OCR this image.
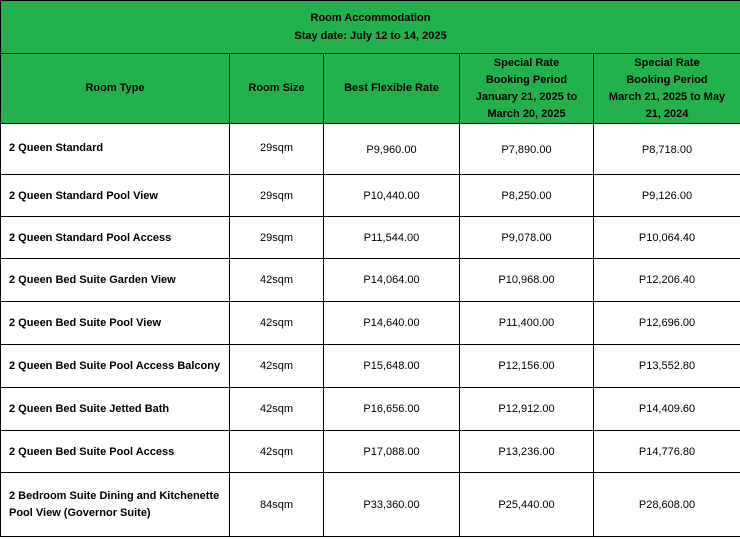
Room Accommodation
Stay date: July 12 to 14, 2025				

Room Type	Room Size	Best Flexible Rate	Special Rate
Booking Period
January 21, 2025 to
March 20, 2025	Special Rate
Booking Period
March 21, 2025 to May
21, 2024

2 Queen Standard	29sqm	P9,960.00	P7,890.00	P8,718.00
2 Queen Standard Pool View	29sqm	P10,440.00	P8,250.00	P9,126.00
2 Queen Standard Pool Access	29sqm	P11,544.00	P9,078.00	P10,064.40
2 Queen Bed Suite Garden View	42sqm	P14,064.00	P10,968.00	P12,206.40
2 Queen Bed Suite Pool View	42sqm	P14,640.00	P11,400.00	P12,696.00
2 Queen Bed Suite Pool Access Balcony	42sqm	P15,648.00	P12,156.00	P13,552.80
2 Queen Bed Suite Jetted Bath	42sqm	P16,656.00	P12,912.00	P14,409.60
2 Queen Bed Suite Pool Access	42sqm	P17,088.00	P13,236.00	P14,776.80
2 Bedroom Suite Dining and Kitchenette Pool View (Governor Suite)	84sqm	P33,360.00	P25,440.00	P28,608.00
